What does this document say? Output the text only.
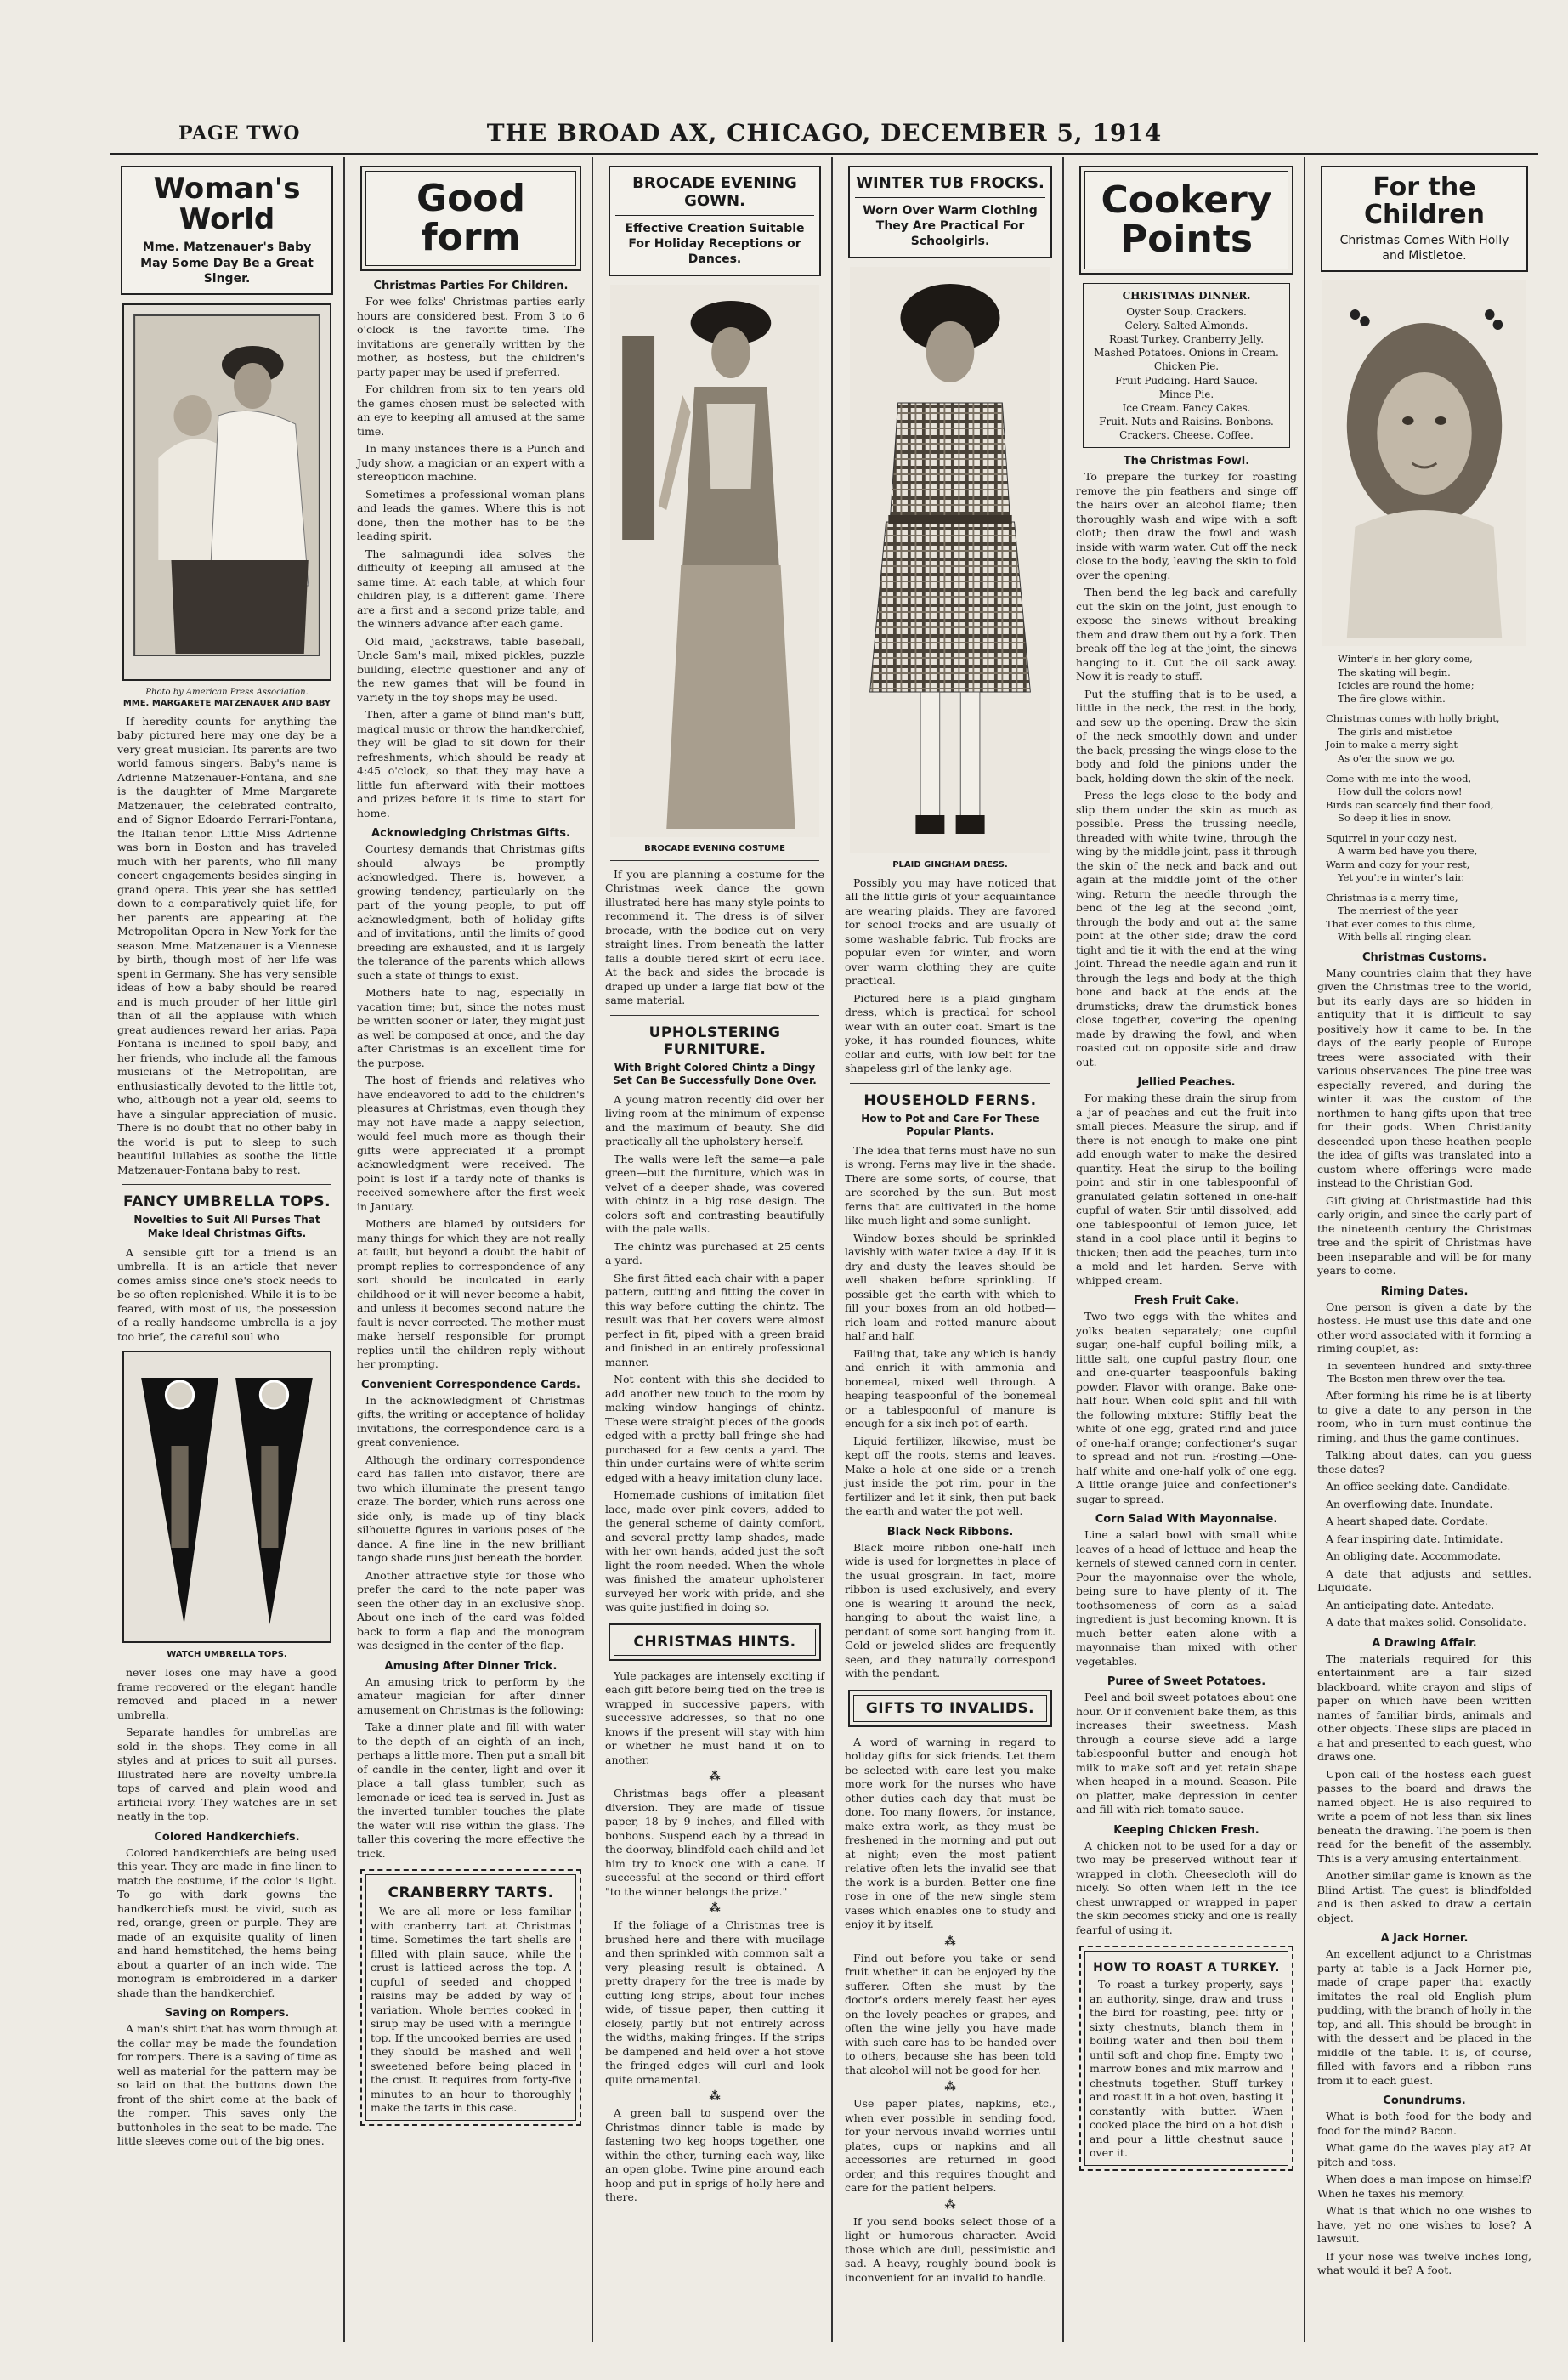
PAGE TWO	THE BROAD AX, CHICAGO, DECEMBER 5, 1914
Woman's World
Mme. Matzenauer's Baby May Some Day Be a Great Singer.
Photo by American Press Association.
MME. MARGARETE MATZENAUER AND BABY

If heredity counts for anything the baby pictured here may one day be a very great musician. Its parents are two world famous singers. Baby's name is Adrienne Matzenauer-Fontana, and she is the daughter of Mme Margarete Matzenauer, the celebrated contralto, and of Signor Edoardo Ferrari-Fontana, the Italian tenor. Little Miss Adrienne was born in Boston and has traveled much with her parents, who fill many concert engagements besides singing in grand opera. This year she has settled down to a comparatively quiet life, for her parents are appearing at the Metropolitan Opera in New York for the season. Mme. Matzenauer is a Viennese by birth, though most of her life was spent in Germany. She has very sensible ideas of how a baby should be reared and is much prouder of her little girl than of all the applause with which great audiences reward her arias. Papa Fontana is inclined to spoil baby, and her friends, who include all the famous musicians of the Metropolitan, are enthusiastically devoted to the little tot, who, although not a year old, seems to have a singular appreciation of music. There is no doubt that no other baby in the world is put to sleep to such beautiful lullabies as soothe the little Matzenauer-Fontana baby to rest.

FANCY UMBRELLA TOPS.
Novelties to Suit All Purses That Make Ideal Christmas Gifts.

A sensible gift for a friend is an umbrella. It is an article that never comes amiss since one's stock needs to be so often replenished. While it is to be feared, with most of us, the possession of a really handsome umbrella is a joy too brief, the careful soul who

WATCH UMBRELLA TOPS.

never loses one may have a good frame recovered or the elegant handle removed and placed in a newer umbrella.

Separate handles for umbrellas are sold in the shops. They come in all styles and at prices to suit all purses. Illustrated here are novelty umbrella tops of carved and plain wood and artificial ivory. They watches are in set neatly in the top.

Colored Handkerchiefs.

Colored handkerchiefs are being used this year. They are made in fine linen to match the costume, if the color is light. To go with dark gowns the handkerchiefs must be vivid, such as red, orange, green or purple. They are made of an exquisite quality of linen and hand hemstitched, the hems being about a quarter of an inch wide. The monogram is embroidered in a darker shade than the handkerchief.

Saving on Rompers.

A man's shirt that has worn through at the collar may be made the foundation for rompers. There is a saving of time as well as material for the pattern may be so laid on that the buttons down the front of the shirt come at the back of the romper. This saves only the buttonholes in the seat to be made. The little sleeves come out of the big ones.

Good
form
Christmas Parties For Children.

For wee folks' Christmas parties early hours are considered best. From 3 to 6 o'clock is the favorite time. The invitations are generally written by the mother, as hostess, but the children's party paper may be used if preferred.

For children from six to ten years old the games chosen must be selected with an eye to keeping all amused at the same time.

In many instances there is a Punch and Judy show, a magician or an expert with a stereopticon machine.

Sometimes a professional woman plans and leads the games. Where this is not done, then the mother has to be the leading spirit.

The salmagundi idea solves the difficulty of keeping all amused at the same time. At each table, at which four children play, is a different game. There are a first and a second prize table, and the winners advance after each game.

Old maid, jackstraws, table baseball, Uncle Sam's mail, mixed pickles, puzzle building, electric questioner and any of the new games that will be found in variety in the toy shops may be used.

Then, after a game of blind man's buff, magical music or throw the handkerchief, they will be glad to sit down for their refreshments, which should be ready at 4:45 o'clock, so that they may have a little fun afterward with their mottoes and prizes before it is time to start for home.

Acknowledging Christmas Gifts.

Courtesy demands that Christmas gifts should always be promptly acknowledged. There is, however, a growing tendency, particularly on the part of the young people, to put off acknowledgment, both of holiday gifts and of invitations, until the limits of good breeding are exhausted, and it is largely the tolerance of the parents which allows such a state of things to exist.

Mothers hate to nag, especially in vacation time; but, since the notes must be written sooner or later, they might just as well be composed at once, and the day after Christmas is an excellent time for the purpose.

The host of friends and relatives who have endeavored to add to the children's pleasures at Christmas, even though they may not have made a happy selection, would feel much more as though their gifts were appreciated if a prompt acknowledgment were received. The point is lost if a tardy note of thanks is received somewhere after the first week in January.

Mothers are blamed by outsiders for many things for which they are not really at fault, but beyond a doubt the habit of prompt replies to correspondence of any sort should be inculcated in early childhood or it will never become a habit, and unless it becomes second nature the fault is never corrected. The mother must make herself responsible for prompt replies until the children reply without her prompting.

Convenient Correspondence Cards.

In the acknowledgment of Christmas gifts, the writing or acceptance of holiday invitations, the correspondence card is a great convenience.

Although the ordinary correspondence card has fallen into disfavor, there are two which illuminate the present tango craze. The border, which runs across one side only, is made up of tiny black silhouette figures in various poses of the dance. A fine line in the new brilliant tango shade runs just beneath the border.

Another attractive style for those who prefer the card to the note paper was seen the other day in an exclusive shop. About one inch of the card was folded back to form a flap and the monogram was designed in the center of the flap.

Amusing After Dinner Trick.

An amusing trick to perform by the amateur magician for after dinner amusement on Christmas is the following:

Take a dinner plate and fill with water to the depth of an eighth of an inch, perhaps a little more. Then put a small bit of candle in the center, light and over it place a tall glass tumbler, such as lemonade or iced tea is served in. Just as the inverted tumbler touches the plate the water will rise within the glass. The taller this covering the more effective the trick.

CRANBERRY TARTS.

We are all more or less familiar with cranberry tart at Christmas time. Sometimes the tart shells are filled with plain sauce, while the crust is latticed across the top. A cupful of seeded and chopped raisins may be added by way of variation. Whole berries cooked in sirup may be used with a meringue top. If the uncooked berries are used they should be mashed and well sweetened before being placed in the crust. It requires from forty-five minutes to an hour to thoroughly make the tarts in this case.

BROCADE EVENING GOWN.
Effective Creation Suitable For Holiday Receptions or Dances.
BROCADE EVENING COSTUME

If you are planning a costume for the Christmas week dance the gown illustrated here has many style points to recommend it. The dress is of silver brocade, with the bodice cut on very straight lines. From beneath the latter falls a double tiered skirt of ecru lace. At the back and sides the brocade is draped up under a large flat bow of the same material.

UPHOLSTERING FURNITURE.
With Bright Colored Chintz a Dingy Set Can Be Successfully Done Over.

A young matron recently did over her living room at the minimum of expense and the maximum of beauty. She did practically all the upholstery herself.

The walls were left the same—a pale green—but the furniture, which was in velvet of a deeper shade, was covered with chintz in a big rose design. The colors soft and contrasting beautifully with the pale walls.

The chintz was purchased at 25 cents a yard.

She first fitted each chair with a paper pattern, cutting and fitting the cover in this way before cutting the chintz. The result was that her covers were almost perfect in fit, piped with a green braid and finished in an entirely professional manner.

Not content with this she decided to add another new touch to the room by making window hangings of chintz. These were straight pieces of the goods edged with a pretty ball fringe she had purchased for a few cents a yard. The thin under curtains were of white scrim edged with a heavy imitation cluny lace.

Homemade cushions of imitation filet lace, made over pink covers, added to the general scheme of dainty comfort, and several pretty lamp shades, made with her own hands, added just the soft light the room needed. When the whole was finished the amateur upholsterer surveyed her work with pride, and she was quite justified in doing so.

CHRISTMAS HINTS.

Yule packages are intensely exciting if each gift before being tied on the tree is wrapped in successive papers, with successive addresses, so that no one knows if the present will stay with him or whether he must hand it on to another.

⁂

Christmas bags offer a pleasant diversion. They are made of tissue paper, 18 by 9 inches, and filled with bonbons. Suspend each by a thread in the doorway, blindfold each child and let him try to knock one with a cane. If successful at the second or third effort "to the winner belongs the prize."

⁂

If the foliage of a Christmas tree is brushed here and there with mucilage and then sprinkled with common salt a very pleasing result is obtained. A pretty drapery for the tree is made by cutting long strips, about four inches wide, of tissue paper, then cutting it closely, partly but not entirely across the widths, making fringes. If the strips be dampened and held over a hot stove the fringed edges will curl and look quite ornamental.

⁂

A green ball to suspend over the Christmas dinner table is made by fastening two keg hoops together, one within the other, turning each way, like an open globe. Twine pine around each hoop and put in sprigs of holly here and there.

WINTER TUB FROCKS.
Worn Over Warm Clothing They Are Practical For Schoolgirls.
PLAID GINGHAM DRESS.

Possibly you may have noticed that all the little girls of your acquaintance are wearing plaids. They are favored for school frocks and are usually of some washable fabric. Tub frocks are popular even for winter, and worn over warm clothing they are quite practical.

Pictured here is a plaid gingham dress, which is practical for school wear with an outer coat. Smart is the yoke, it has rounded flounces, white collar and cuffs, with low belt for the shapeless girl of the lanky age.

HOUSEHOLD FERNS.
How to Pot and Care For These Popular Plants.

The idea that ferns must have no sun is wrong. Ferns may live in the shade. There are some sorts, of course, that are scorched by the sun. But most ferns that are cultivated in the home like much light and some sunlight.

Window boxes should be sprinkled lavishly with water twice a day. If it is dry and dusty the leaves should be well shaken before sprinkling. If possible get the earth with which to fill your boxes from an old hotbed—rich loam and rotted manure about half and half.

Failing that, take any which is handy and enrich it with ammonia and bonemeal, mixed well through. A heaping teaspoonful of the bonemeal or a tablespoonful of manure is enough for a six inch pot of earth.

Liquid fertilizer, likewise, must be kept off the roots, stems and leaves. Make a hole at one side or a trench just inside the pot rim, pour in the fertilizer and let it sink, then put back the earth and water the pot well.

Black Neck Ribbons.

Black moire ribbon one-half inch wide is used for lorgnettes in place of the usual grosgrain. In fact, moire ribbon is used exclusively, and every one is wearing it around the neck, hanging to about the waist line, a pendant of some sort hanging from it. Gold or jeweled slides are frequently seen, and they naturally correspond with the pendant.

GIFTS TO INVALIDS.

A word of warning in regard to holiday gifts for sick friends. Let them be selected with care lest you make more work for the nurses who have other duties each day that must be done. Too many flowers, for instance, make extra work, as they must be freshened in the morning and put out at night; even the most patient relative often lets the invalid see that the work is a burden. Better one fine rose in one of the new single stem vases which enables one to study and enjoy it by itself.

⁂

Find out before you take or send fruit whether it can be enjoyed by the sufferer. Often she must by the doctor's orders merely feast her eyes on the lovely peaches or grapes, and often the wine jelly you have made with such care has to be handed over to others, because she has been told that alcohol will not be good for her.

⁂

Use paper plates, napkins, etc., when ever possible in sending food, for your nervous invalid worries until plates, cups or napkins and all accessories are returned in good order, and this requires thought and care for the patient helpers.

⁂

If you send books select those of a light or humorous character. Avoid those which are dull, pessimistic and sad. A heavy, roughly bound book is inconvenient for an invalid to handle.

Cookery
Points
CHRISTMAS DINNER.
Oyster Soup. Crackers.
Celery. Salted Almonds.
Roast Turkey. Cranberry Jelly.
Mashed Potatoes. Onions in Cream.
Chicken Pie.
Fruit Pudding. Hard Sauce.
Mince Pie.
Ice Cream. Fancy Cakes.
Fruit. Nuts and Raisins. Bonbons.
Crackers. Cheese. Coffee.
The Christmas Fowl.

To prepare the turkey for roasting remove the pin feathers and singe off the hairs over an alcohol flame; then thoroughly wash and wipe with a soft cloth; then draw the fowl and wash inside with warm water. Cut off the neck close to the body, leaving the skin to fold over the opening.

Then bend the leg back and carefully cut the skin on the joint, just enough to expose the sinews without breaking them and draw them out by a fork. Then break off the leg at the joint, the sinews hanging to it. Cut the oil sack away. Now it is ready to stuff.

Put the stuffing that is to be used, a little in the neck, the rest in the body, and sew up the opening. Draw the skin of the neck smoothly down and under the back, pressing the wings close to the body and fold the pinions under the back, holding down the skin of the neck.

Press the legs close to the body and slip them under the skin as much as possible. Press the trussing needle, threaded with white twine, through the wing by the middle joint, pass it through the skin of the neck and back and out again at the middle joint of the other wing. Return the needle through the bend of the leg at the second joint, through the body and out at the same point at the other side; draw the cord tight and tie it with the end at the wing joint. Thread the needle again and run it through the legs and body at the thigh bone and back at the ends at the drumsticks; draw the drumstick bones close together, covering the opening made by drawing the fowl, and when roasted cut on opposite side and draw out.

Jellied Peaches.

For making these drain the sirup from a jar of peaches and cut the fruit into small pieces. Measure the sirup, and if there is not enough to make one pint add enough water to make the desired quantity. Heat the sirup to the boiling point and stir in one tablespoonful of granulated gelatin softened in one-half cupful of water. Stir until dissolved; add one tablespoonful of lemon juice, let stand in a cool place until it begins to thicken; then add the peaches, turn into a mold and let harden. Serve with whipped cream.

Fresh Fruit Cake.

Two two eggs with the whites and yolks beaten separately; one cupful sugar, one-half cupful boiling milk, a little salt, one cupful pastry flour, one and one-quarter teaspoonfuls baking powder. Flavor with orange. Bake one-half hour. When cold split and fill with the following mixture: Stiffly beat the white of one egg, grated rind and juice of one-half orange; confectioner's sugar to spread and not run. Frosting.—One-half white and one-half yolk of one egg. A little orange juice and confectioner's sugar to spread.

Corn Salad With Mayonnaise.

Line a salad bowl with small white leaves of a head of lettuce and heap the kernels of stewed canned corn in center. Pour the mayonnaise over the whole, being sure to have plenty of it. The toothsomeness of corn as a salad ingredient is just becoming known. It is much better eaten alone with a mayonnaise than mixed with other vegetables.

Puree of Sweet Potatoes.

Peel and boil sweet potatoes about one hour. Or if convenient bake them, as this increases their sweetness. Mash through a course sieve add a large tablespoonful butter and enough hot milk to make soft and yet retain shape when heaped in a mound. Season. Pile on platter, make depression in center and fill with rich tomato sauce.

Keeping Chicken Fresh.

A chicken not to be used for a day or two may be preserved without fear if wrapped in cloth. Cheesecloth will do nicely. So often when left in the ice chest unwrapped or wrapped in paper the skin becomes sticky and one is really fearful of using it.

HOW TO ROAST A TURKEY.

To roast a turkey properly, says an authority, singe, draw and truss the bird for roasting, peel fifty or sixty chestnuts, blanch them in boiling water and then boil them until soft and chop fine. Empty two marrow bones and mix marrow and chestnuts together. Stuff turkey and roast it in a hot oven, basting it constantly with butter. When cooked place the bird on a hot dish and pour a little chestnut sauce over it.

For the Children
Christmas Comes With Holly and Mistletoe.
Winter's in her glory come,
The skating will begin.
Icicles are round the home;
The fire glows within.
Christmas comes with holly bright,
The girls and mistletoe
Join to make a merry sight
As o'er the snow we go.
Come with me into the wood,
How dull the colors now!
Birds can scarcely find their food,
So deep it lies in snow.
Squirrel in your cozy nest,
A warm bed have you there,
Warm and cozy for your rest,
Yet you're in winter's lair.
Christmas is a merry time,
The merriest of the year
That ever comes to this clime,
With bells all ringing clear.
Christmas Customs.

Many countries claim that they have given the Christmas tree to the world, but its early days are so hidden in antiquity that it is difficult to say positively how it came to be. In the days of the early people of Europe trees were associated with their various observances. The pine tree was especially revered, and during the winter it was the custom of the northmen to hang gifts upon that tree for their gods. When Christianity descended upon these heathen people the idea of gifts was translated into a custom where offerings were made instead to the Christian God.

Gift giving at Christmastide had this early origin, and since the early part of the nineteenth century the Christmas tree and the spirit of Christmas have been inseparable and will be for many years to come.

Riming Dates.

One person is given a date by the hostess. He must use this date and one other word associated with it forming a riming couplet, as:

In seventeen hundred and sixty-three The Boston men threw over the tea.

After forming his rime he is at liberty to give a date to any person in the room, who in turn must continue the riming, and thus the game continues.

Talking about dates, can you guess these dates?

An office seeking date. Candidate.

An overflowing date. Inundate.

A heart shaped date. Cordate.

A fear inspiring date. Intimidate.

An obliging date. Accommodate.

A date that adjusts and settles. Liquidate.

An anticipating date. Antedate.

A date that makes solid. Consolidate.

A Drawing Affair.

The materials required for this entertainment are a fair sized blackboard, white crayon and slips of paper on which have been written names of familiar birds, animals and other objects. These slips are placed in a hat and presented to each guest, who draws one.

Upon call of the hostess each guest passes to the board and draws the named object. He is also required to write a poem of not less than six lines beneath the drawing. The poem is then read for the benefit of the assembly. This is a very amusing entertainment.

Another similar game is known as the Blind Artist. The guest is blindfolded and is then asked to draw a certain object.

A Jack Horner.

An excellent adjunct to a Christmas party at table is a Jack Horner pie, made of crape paper that exactly imitates the real old English plum pudding, with the branch of holly in the top, and all. This should be brought in with the dessert and be placed in the middle of the table. It is, of course, filled with favors and a ribbon runs from it to each guest.

Conundrums.

What is both food for the body and food for the mind? Bacon.

What game do the waves play at? At pitch and toss.

When does a man impose on himself? When he taxes his memory.

What is that which no one wishes to have, yet no one wishes to lose? A lawsuit.

If your nose was twelve inches long, what would it be? A foot.
